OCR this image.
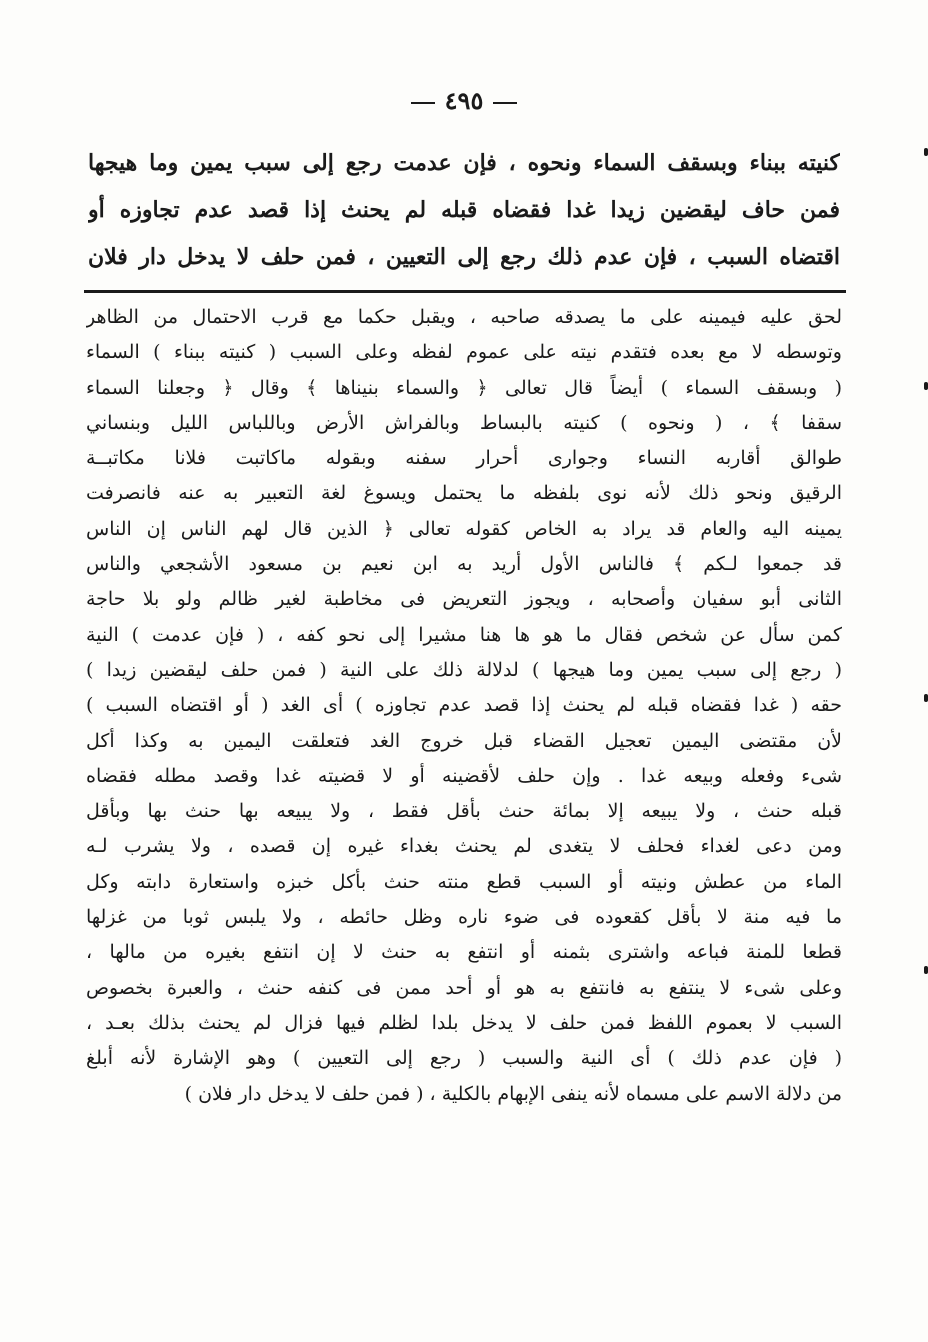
٤٩٥
كنيته ببناء وبسقف السماء ونحوه ، فإن عدمت رجع إلى سبب يمين وما هيجها
فمن حاف ليقضين زيدا غدا فقضاه قبله لم يحنث إذا قصد عدم تجاوزه أو
اقتضاه السبب ، فإن عدم ذلك رجع إلى التعيين ، فمن حلف لا يدخل دار فلان
لحق عليه فيمينه على ما يصدقه صاحبه ، ويقبل حكما مع قرب الاحتمال من الظاهر
وتوسطه لا مع بعده فتقدم نيته على عموم لفظه وعلى السبب ( كنيته ببناء ) السماء
( وبسقف السماء ) أيضاً قال تعالى ﴿ والسماء بنيناها ﴾ وقال ﴿ وجعلنا السماء
سقفا ﴾ ، ( ونحوه ) كنيته بالبساط وبالفراش الأرض وباللباس الليل وبنساني
طوالق أقاربه النساء وجوارى أحرار سفنه وبقوله ماكاتبت فلانا مكاتبــة
الرقيق ونحو ذلك لأنه نوى بلفظه ما يحتمل ويسوغ لغة التعبير به عنه فانصرفت
يمينه اليه والعام قد يراد به الخاص كقوله تعالى ﴿ الذين قال لهم الناس إن الناس
قد جمعوا لـكم ﴾ فالناس الأول أريد به ابن نعيم بن مسعود الأشجعي والناس
الثانى أبو سفيان وأصحابه ، ويجوز التعريض فى مخاطبة لغير ظالم ولو بلا حاجة
كمن سأل عن شخص فقال ما هو ها هنا مشيرا إلى نحو كفه ، ( فإن عدمت ) النية
( رجع إلى سبب يمين وما هيجها ) لدلالة ذلك على النية ( فمن حلف ليقضين زيدا )
حقه ( غدا فقضاه قبله لم يحنث إذا قصد عدم تجاوزه ) أى الغد ( أو اقتضاه السبب )
لأن مقتضى اليمين تعجيل القضاء قبل خروج الغد فتعلقت اليمين به وكذا أكل
شىء وفعله وبيعه غدا . وإن حلف لأقضينه أو لا قضيته غدا وقصد مطله فقضاه
قبله حنث ، ولا يبيعه إلا بمائة حنث بأقل فقط ، ولا يبيعه بها حنث بها وبأقل
ومن دعى لغداء فحلف لا يتغدى لم يحنث بغداء غيره إن قصده ، ولا يشرب لـه
الماء من عطش ونيته أو السبب قطع منته حنث بأكل خبزه واستعارة دابته وكل
ما فيه منة لا بأقل كقعوده فى ضوء ناره وظل حائطه ، ولا يلبس ثوبا من غزلها
قطعا للمنة فباعه واشترى بثمنه أو انتفع به حنث لا إن انتفع بغيره من مالها ،
وعلى شىء لا ينتفع به فانتفع به هو أو أحد ممن فى كنفه حنث ، والعبرة بخصوص
السبب لا بعموم اللفظ فمن حلف لا يدخل بلدا لظلم فيها فزال لم يحنث بذلك بعـد ،
( فإن عدم ذلك ) أى النية والسبب ( رجع إلى التعيين ) وهو الإشارة لأنه أبلغ
من دلالة الاسم على مسماه لأنه ينفى الإبهام بالكلية ، ( فمن حلف لا يدخل دار فلان )
